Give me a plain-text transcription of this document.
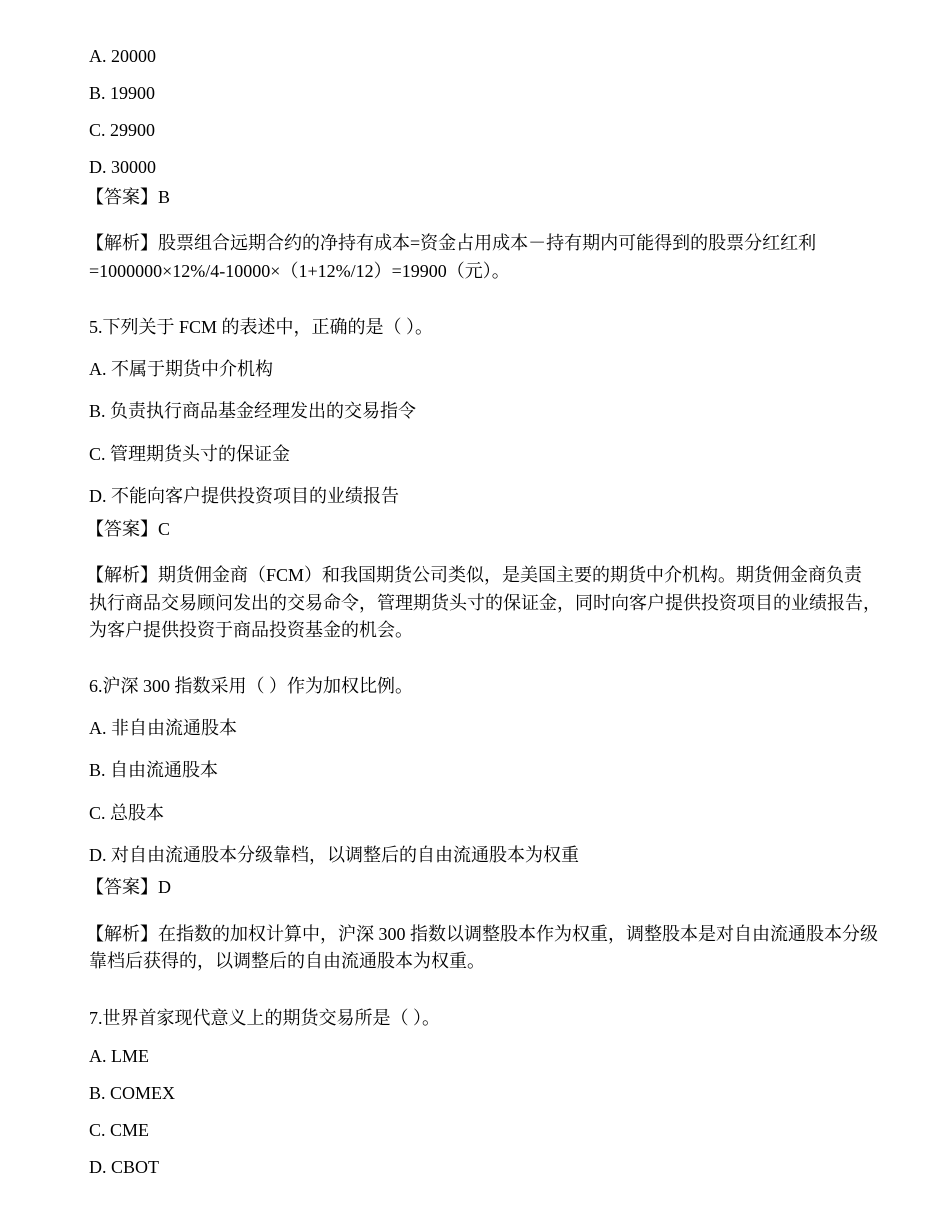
A. 20000
B. 19900
C. 29900
D. 30000
【答案】B
【解析】股票组合远期合约的净持有成本=资金占用成本－持有期内可能得到的股票分红红利
=1000000×12%/4-10000×（1+12%/12）=19900（元）。
5.下列关于 FCM 的表述中，正确的是（ ）。
A. 不属于期货中介机构
B. 负责执行商品基金经理发出的交易指令
C. 管理期货头寸的保证金
D. 不能向客户提供投资项目的业绩报告
【答案】C
【解析】期货佣金商（FCM）和我国期货公司类似，是美国主要的期货中介机构。期货佣金商负责
执行商品交易顾问发出的交易命令，管理期货头寸的保证金，同时向客户提供投资项目的业绩报告，
为客户提供投资于商品投资基金的机会。
6.沪深 300 指数采用（ ）作为加权比例。
A. 非自由流通股本
B. 自由流通股本
C. 总股本
D. 对自由流通股本分级靠档，以调整后的自由流通股本为权重
【答案】D
【解析】在指数的加权计算中，沪深 300 指数以调整股本作为权重，调整股本是对自由流通股本分级
靠档后获得的，以调整后的自由流通股本为权重。
7.世界首家现代意义上的期货交易所是（ ）。
A. LME
B. COMEX
C. CME
D. CBOT
